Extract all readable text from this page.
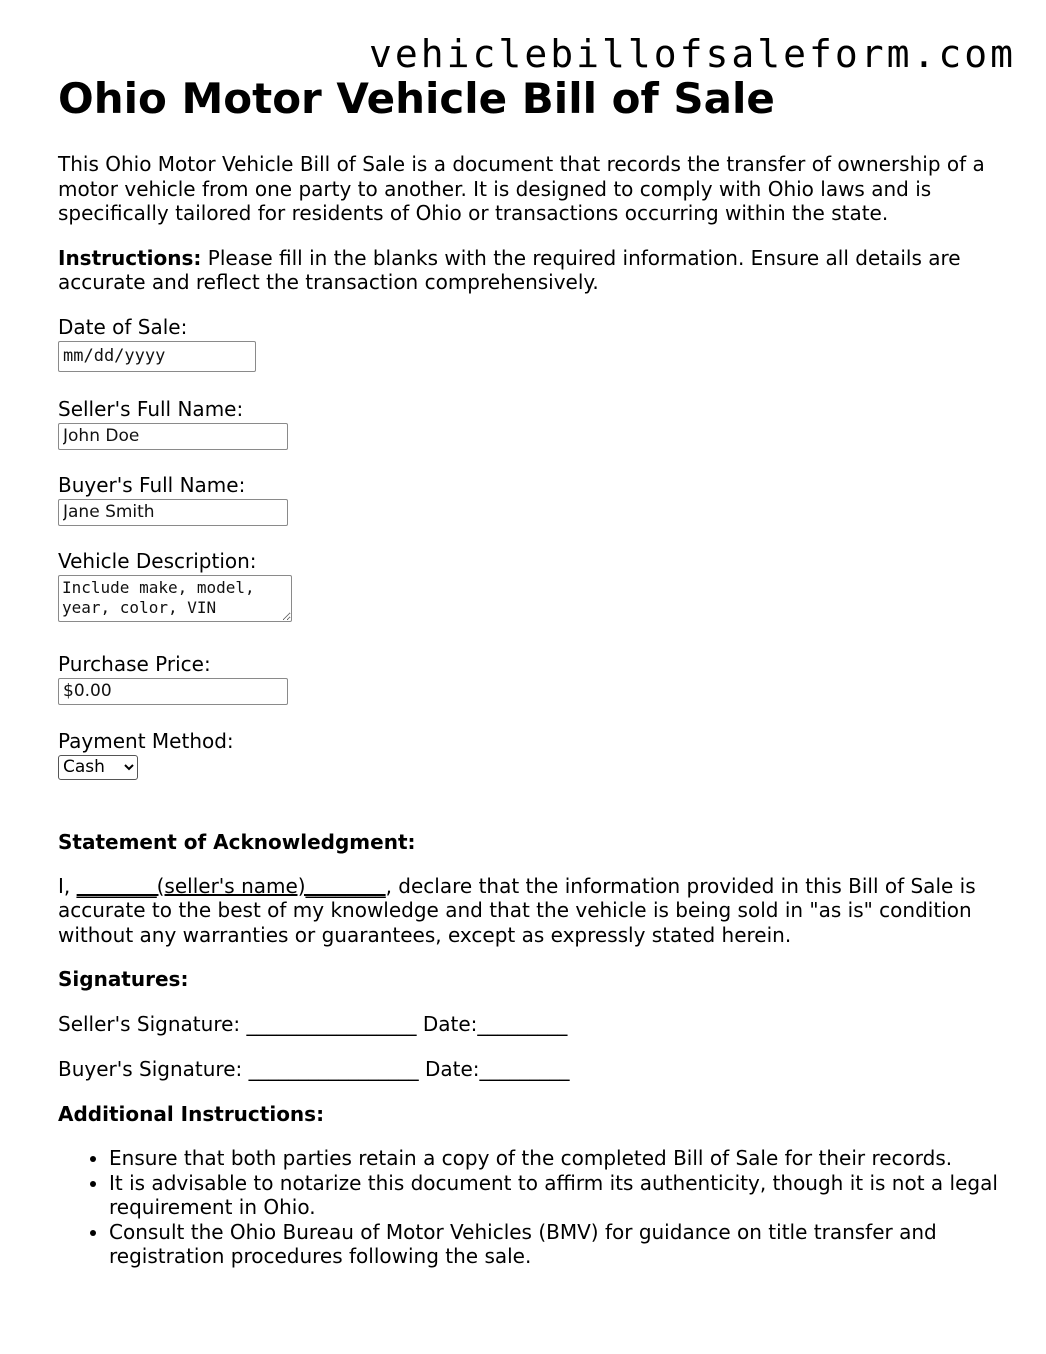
vehiclebillofsaleform.com
Ohio Motor Vehicle Bill of Sale

This Ohio Motor Vehicle Bill of Sale is a document that records the transfer of ownership of a motor vehicle from one party to another. It is designed to comply with Ohio laws and is specifically tailored for residents of Ohio or transactions occurring within the state.

Instructions: Please fill in the blanks with the required information. Ensure all details are accurate and reflect the transaction comprehensively.

Date of Sale:
mm/dd/yyyy
Seller's Full Name:
John Doe
Buyer's Full Name:
Jane Smith
Vehicle Description:
Include make, model, year, color, VIN
Purchase Price:
$0.00
Payment Method:
Cash
Statement of Acknowledgment:

I, ________(seller's name)________, declare that the information provided in this Bill of Sale is accurate to the best of my knowledge and that the vehicle is being sold in "as is" condition without any warranties or guarantees, except as expressly stated herein.

Signatures:
Seller's Signature: _________________ Date:_________
Buyer's Signature: _________________ Date:_________
Additional Instructions:
• Ensure that both parties retain a copy of the completed Bill of Sale for their records.
• It is advisable to notarize this document to affirm its authenticity, though it is not a legal requirement in Ohio.
• Consult the Ohio Bureau of Motor Vehicles (BMV) for guidance on title transfer and registration procedures following the sale.
